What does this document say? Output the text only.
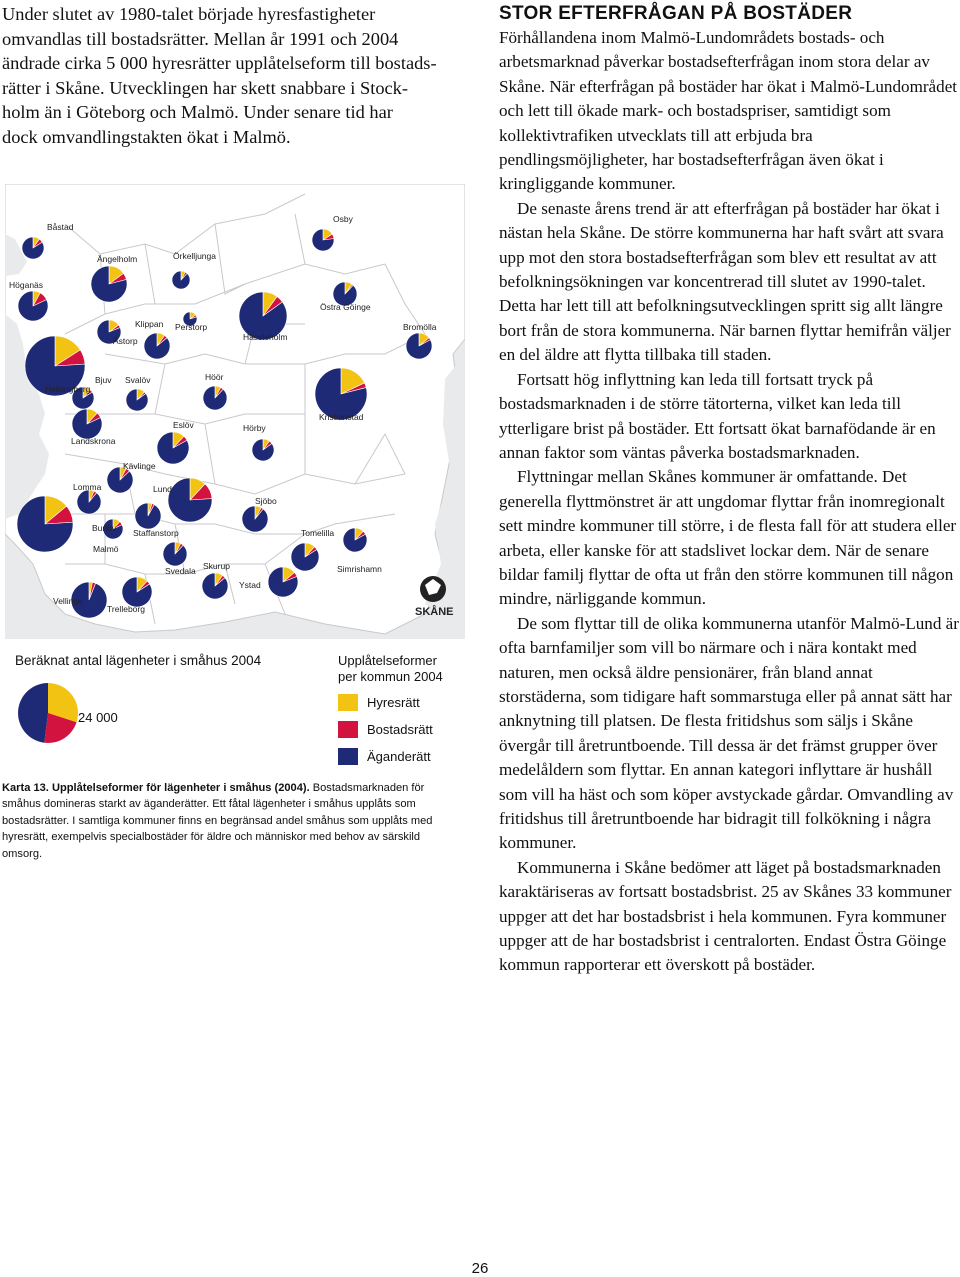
Under slutet av 1980-talet började hyresfastigheter

omvandlas till bostadsrätter. Mellan år 1991 och 2004

ändrade cirka 5 000 hyresrätter upplåtelseform till bostads-

rätter i Skåne. Utvecklingen har skett snabbare i Stock-

holm än i Göteborg och Malmö. Under senare tid har

dock omvandlingstakten ökat i Malmö.

Båstad
Höganäs
Ängelholm	Örkelljunga
Osby
Östra Göinge
Klippan Perstorp
Åstorp	Hässleholm
Bromölla
Helsingborg
Bjuv Svalöv	Höör
Kristianstad
Landskrona
Eslöv	Hörby
Kävlinge
Lomma	Lund
Sjöbo
Staffanstorp
Burlöv
Malmö
Tomelilla
Svedala Skurup	Simrishamn
Ystad
Vellinge
Trelleborg	SKÅNE
Beräknat antal lägenheter i småhus 2004
24 000
Upplåtelseformer
per kommun 2004
Hyresrätt
Bostadsrätt
Äganderätt
Karta 13. Upplåtelseformer för lägenheter i småhus (2004). Bostadsmarknaden för småhus domineras starkt av äganderätter. Ett fåtal lägenheter i småhus upplåts som bostadsrätter. I samtliga kommuner finns en begränsad andel småhus som upplåts med hyresrätt, exempelvis specialbostäder för äldre och människor med behov av särskild omsorg.
STOR EFTERFRÅGAN PÅ BOSTÄDER

Förhållandena inom Malmö-Lundområdets bostads- och arbetsmarknad påverkar bostadsefterfrågan inom stora delar av Skåne. När efterfrågan på bostäder har ökat i Malmö-Lundområdet och lett till ökade mark- och bostadspriser, samtidigt som kollektivtrafiken utvecklats till att erbjuda bra pendlingsmöjligheter, har bostadsefterfrågan även ökat i kringliggande kommuner.

De senaste årens trend är att efterfrågan på bostäder har ökat i nästan hela Skåne. De större kommunerna har haft svårt att svara upp mot den stora bostadsefterfrågan som blev ett resultat av att befolkningsökningen var koncentrerad till slutet av 1990-talet. Detta har lett till att befolkningsutvecklingen spritt sig allt längre bort från de stora kommunerna. När barnen flyttar hemifrån väljer en del äldre att flytta tillbaka till staden.

Fortsatt hög inflyttning kan leda till fortsatt tryck på bostadsmarknaden i de större tätorterna, vilket kan leda till ytterligare brist på bostäder. Ett fortsatt ökat barnafödande är en annan faktor som väntas påverka bostadsmarknaden.

Flyttningar mellan Skånes kommuner är omfattande. Det generella flyttmönstret är att ungdomar flyttar från inomregionalt sett mindre kommuner till större, i de flesta fall för att studera eller arbeta, eller kanske för att stadslivet lockar dem. När de senare bildar familj flyttar de ofta ut från den större kommunen till någon mindre, närliggande kommun.

De som flyttar till de olika kommunerna utanför Malmö-Lund är ofta barnfamiljer som vill bo närmare och i nära kontakt med naturen, men också äldre pensionärer, från bland annat storstäderna, som tidigare haft sommarstuga eller på annat sätt har anknytning till platsen. De flesta fritidshus som säljs i Skåne övergår till åretruntboende. Till dessa är det främst grupper över medelåldern som flyttar. En annan kategori inflyttare är hushåll som vill ha häst och som köper avstyckade gårdar. Omvandling av fritidshus till åretruntboende har bidragit till folkökning i några kommuner.

Kommunerna i Skåne bedömer att läget på bostadsmarknaden karaktäriseras av fortsatt bostadsbrist. 25 av Skånes 33 kommuner uppger att det har bostadsbrist i hela kommunen. Fyra kommuner uppger att de har bostadsbrist i centralorten. Endast Östra Göinge kommun rapporterar ett överskott på bostäder.

26
